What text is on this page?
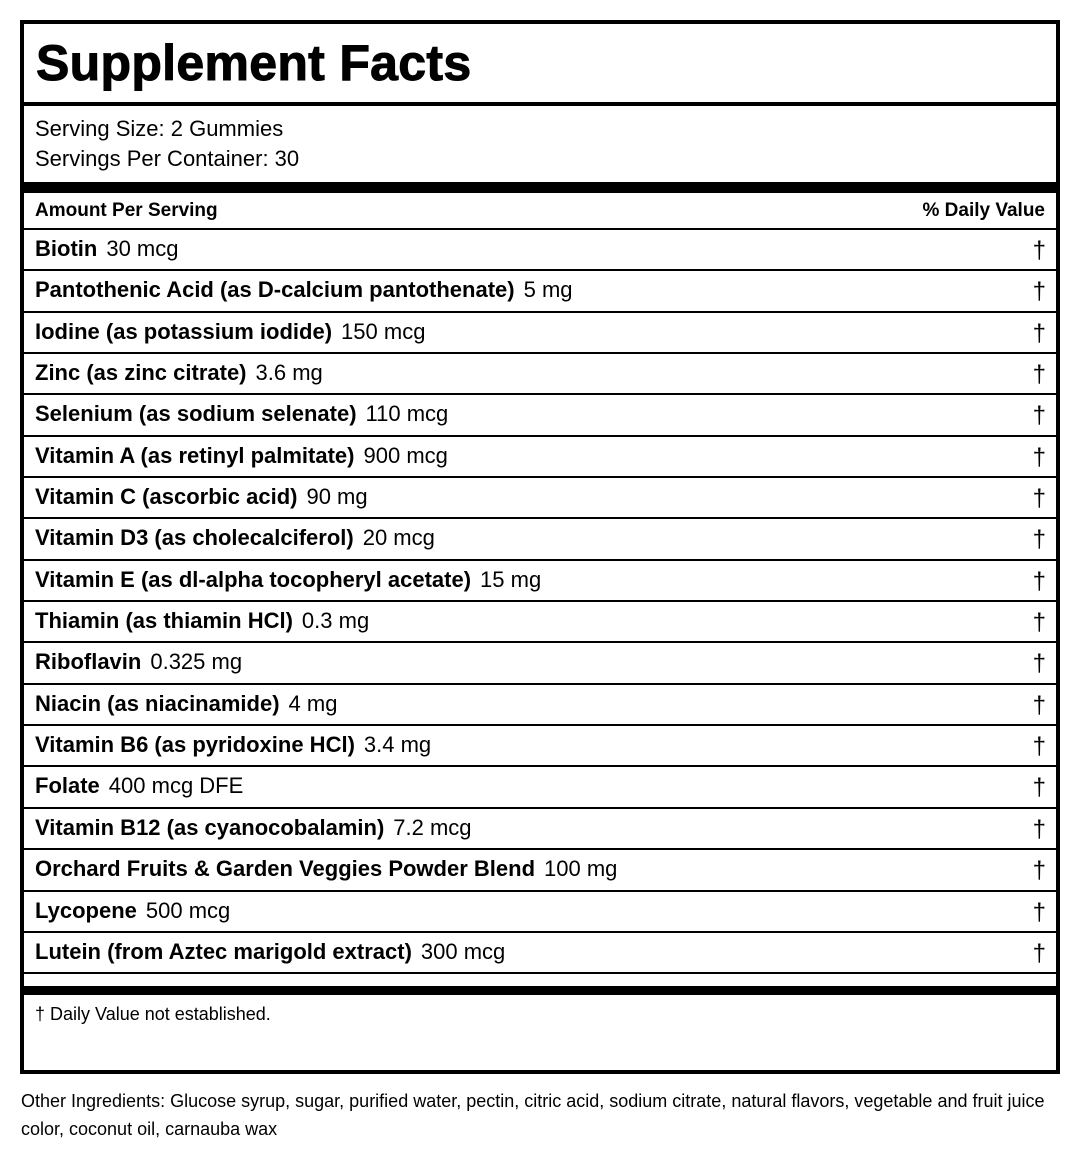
Supplement Facts
Serving Size: 2 Gummies
Servings Per Container: 30
Amount Per Serving	% Daily Value
Biotin 30 mcg	†
Pantothenic Acid (as D-calcium pantothenate) 5 mg	†
Iodine (as potassium iodide) 150 mcg	†
Zinc (as zinc citrate) 3.6 mg	†
Selenium (as sodium selenate) 110 mcg	†
Vitamin A (as retinyl palmitate) 900 mcg	†
Vitamin C (ascorbic acid) 90 mg	†
Vitamin D3 (as cholecalciferol) 20 mcg	†
Vitamin E (as dl-alpha tocopheryl acetate) 15 mg	†
Thiamin (as thiamin HCl) 0.3 mg	†
Riboflavin 0.325 mg	†
Niacin (as niacinamide) 4 mg	†
Vitamin B6 (as pyridoxine HCl) 3.4 mg	†
Folate 400 mcg DFE	†
Vitamin B12 (as cyanocobalamin) 7.2 mcg	†
Orchard Fruits & Garden Veggies Powder Blend 100 mg	†
Lycopene 500 mcg	†
Lutein (from Aztec marigold extract) 300 mcg	†
† Daily Value not established.
Other Ingredients: Glucose syrup, sugar, purified water, pectin, citric acid, sodium citrate, natural flavors, vegetable and fruit juice color, coconut oil, carnauba wax
